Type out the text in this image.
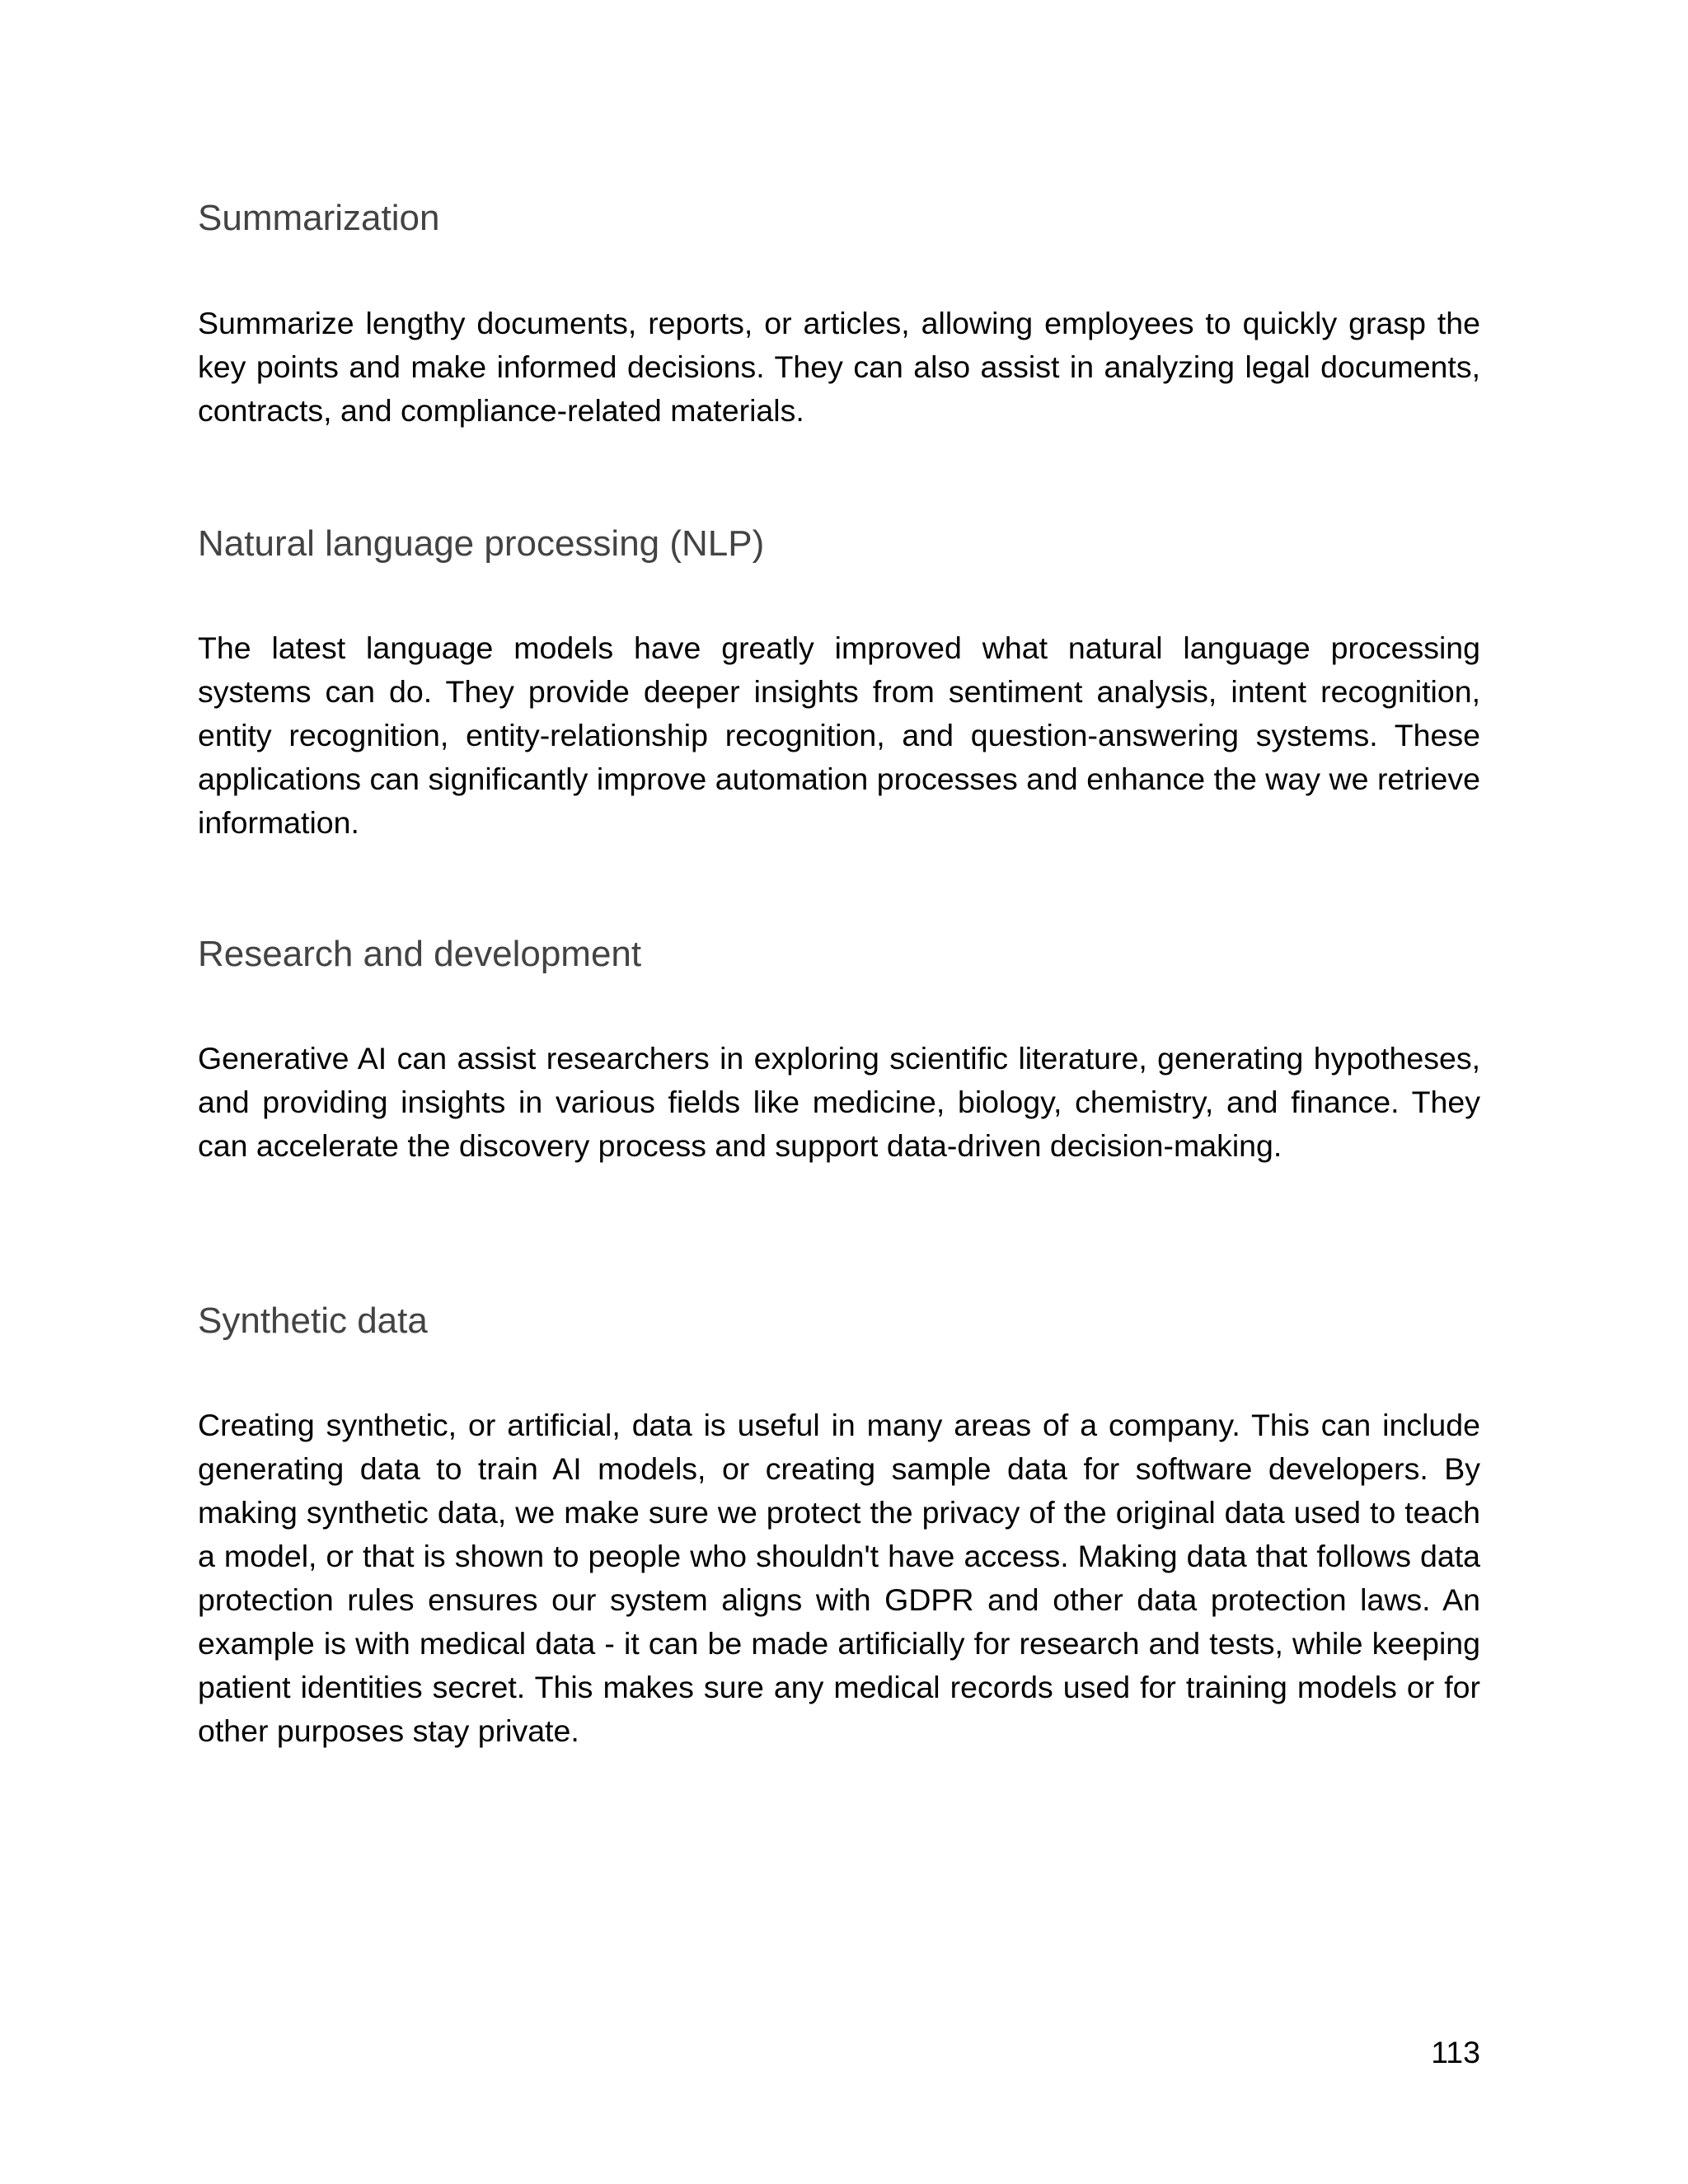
Summarization

Summarize lengthy documents, reports, or articles, allowing employees to quickly grasp the key points and make informed decisions. They can also assist in analyzing legal documents, contracts, and compliance-related materials.

Natural language processing (NLP)

The latest language models have greatly improved what natural language processing systems can do. They provide deeper insights from sentiment analysis, intent recognition, entity recognition, entity-relationship recognition, and question-answering systems. These applications can significantly improve automation processes and enhance the way we retrieve information.

Research and development

Generative AI can assist researchers in exploring scientific literature, generating hypotheses, and providing insights in various fields like medicine, biology, chemistry, and finance. They can accelerate the discovery process and support data-driven decision-making.

Synthetic data

Creating synthetic, or artificial, data is useful in many areas of a company. This can include generating data to train AI models, or creating sample data for software developers. By making synthetic data, we make sure we protect the privacy of the original data used to teach a model, or that is shown to people who shouldn't have access. Making data that follows data protection rules ensures our system aligns with GDPR and other data protection laws. An example is with medical data - it can be made artificially for research and tests, while keeping patient identities secret. This makes sure any medical records used for training models or for other purposes stay private.

113
